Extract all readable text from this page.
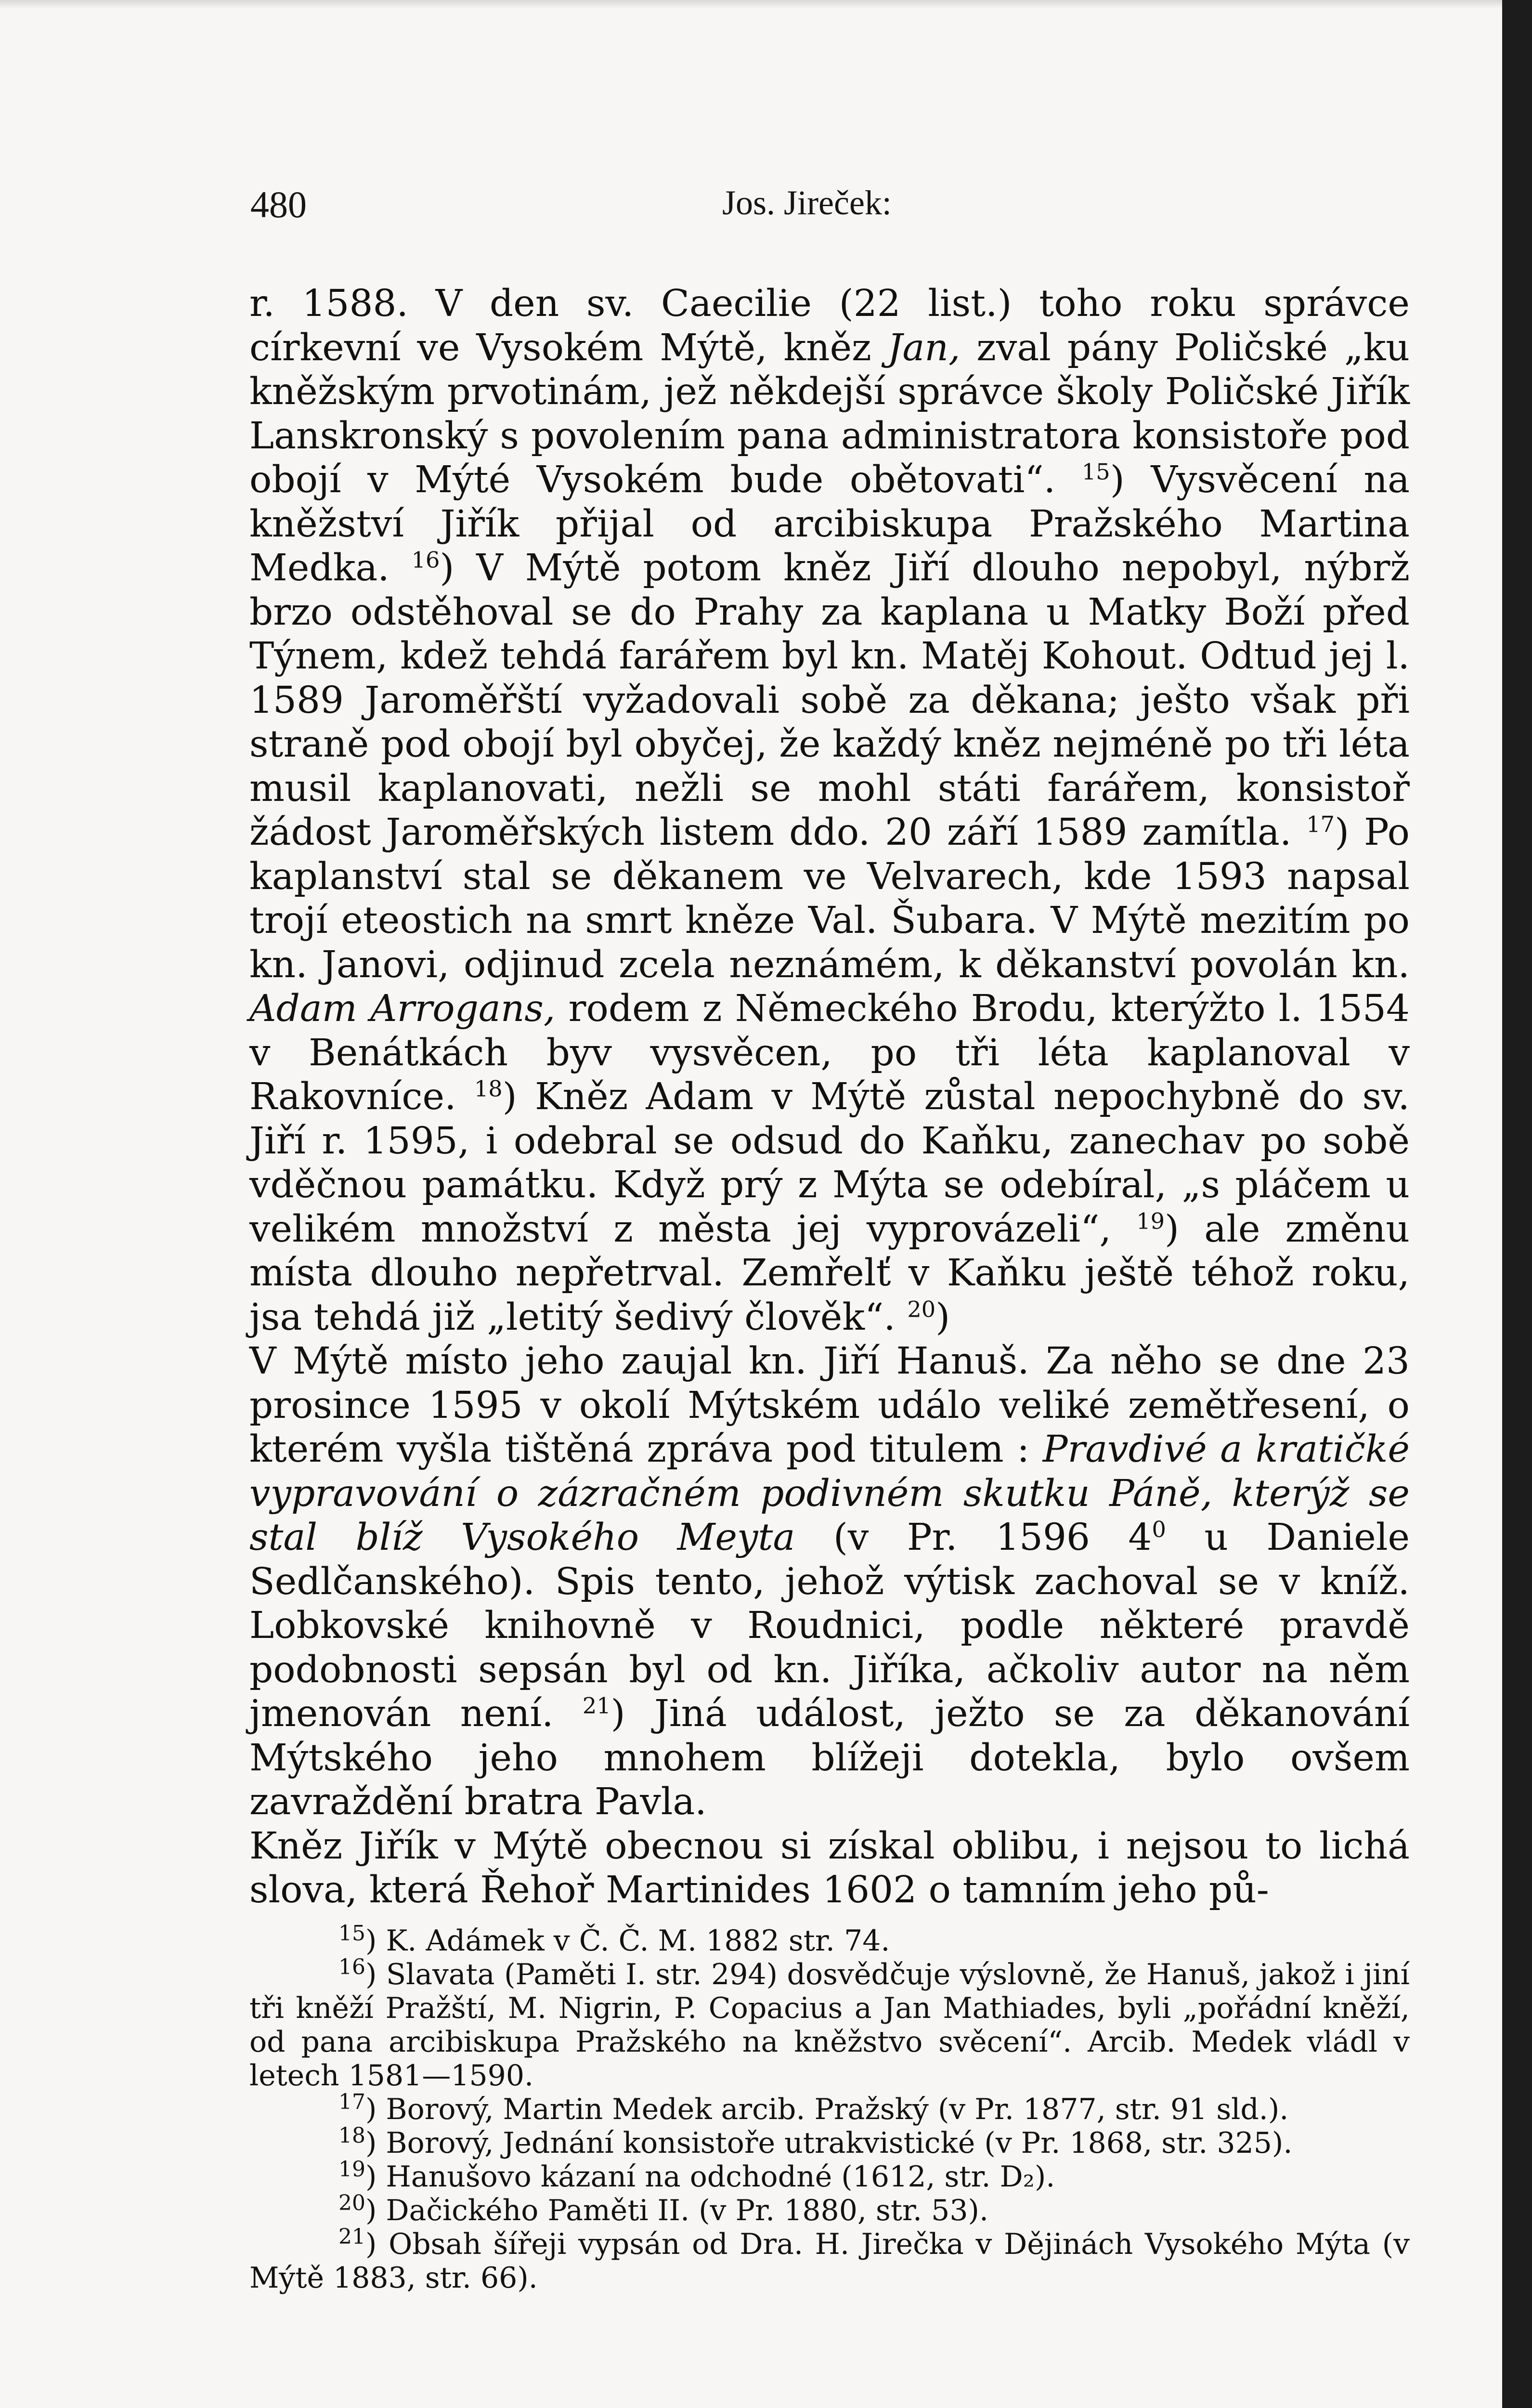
480	Jos. Jireček:

r. 1588. V den sv. Caecilie (22 list.) toho roku správce církevní ve Vysokém Mýtě, kněz Jan, zval pány Poličské „ku kněžským prvotinám, jež někdejší správce školy Poličské Jiřík Lanskronský s povolením pana administratora konsistoře pod obojí v Mýté Vysokém bude obětovati“. $^{15}$) Vysvěcení na kněžství Jiřík přijal od arcibiskupa Pražského Martina Medka. $^{16}$) V Mýtě potom kněz Jiří dlouho nepobyl, nýbrž brzo odstěhoval se do Prahy za kaplana u Matky Boží před Týnem, kdež tehdá farářem byl kn. Matěj Kohout. Odtud jej l. 1589 Jaroměřští vyžadovali sobě za děkana; ješto však při straně pod obojí byl obyčej, že každý kněz nejméně po tři léta musil kaplanovati, nežli se mohl státi farářem, konsistoř žádost Jaroměřských listem ddo. 20 září 1589 zamítla. $^{17}$) Po kaplanství stal se děkanem ve Velvarech, kde 1593 napsal trojí eteostich na smrt kněze Val. Šubara. V Mýtě mezitím po kn. Janovi, odjinud zcela neznámém, k děkanství povolán kn. Adam Arrogans, rodem z Německého Brodu, kterýžto l. 1554 v Benátkách byv vysvěcen, po tři léta kaplanoval v Rakovníce. $^{18}$) Kněz Adam v Mýtě zůstal nepochybně do sv. Jiří r. 1595, i odebral se odsud do Kaňku, zanechav po sobě vděčnou památku. Když prý z Mýta se odebíral, „s pláčem u velikém množství z města jej vyprovázeli“, $^{19}$) ale změnu místa dlouho nepřetrval. Zemřelť v Kaňku ještě téhož roku, jsa tehdá již „letitý šedivý člověk“. $^{20}$)

V Mýtě místo jeho zaujal kn. Jiří Hanuš. Za něho se dne 23 prosince 1595 v okolí Mýtském událo veliké zemětřesení, o kterém vyšla tištěná zpráva pod titulem : Pravdivé a kratičké vypravování o zázračném podivném skutku Páně, kterýž se stal blíž Vysokého Meyta (v Pr. 1596 $4^0$ u Daniele Sedlčanského). Spis tento, jehož výtisk zachoval se v kníž. Lobkovské knihovně v Roudnici, podle některé pravdě podobnosti sepsán byl od kn. Jiříka, ačkoliv autor na něm jmenován není. $^{21}$) Jiná událost, ježto se za děkanování Mýtského jeho mnohem blížeji dotekla, bylo ovšem zavraždění bratra Pavla.

Kněz Jiřík v Mýtě obecnou si získal oblibu, i nejsou to lichá slova, která Řehoř Martinides 1602 o tamním jeho pů-

$^{15}$) K. Adámek v Č. Č. M. 1882 str. 74.

$^{16}$) Slavata (Paměti I. str. 294) dosvědčuje výslovně, že Hanuš, jakož i jiní tři kněží Pražští, M. Nigrin, P. Copacius a Jan Mathiades, byli „pořádní kněží, od pana arcibiskupa Pražského na kněžstvo svěcení“. Arcib. Medek vládl v letech 1581—1590.

$^{17}$) Borový, Martin Medek arcib. Pražský (v Pr. 1877, str. 91 sld.).

$^{18}$) Borový, Jednání konsistoře utrakvistické (v Pr. 1868, str. 325).

$^{19}$) Hanušovo kázaní na odchodné (1612, str. D₂).

$^{20}$) Dačického Paměti II. (v Pr. 1880, str. 53).

$^{21}$) Obsah šířeji vypsán od Dra. H. Jirečka v Dějinách Vysokého Mýta (v Mýtě 1883, str. 66).
